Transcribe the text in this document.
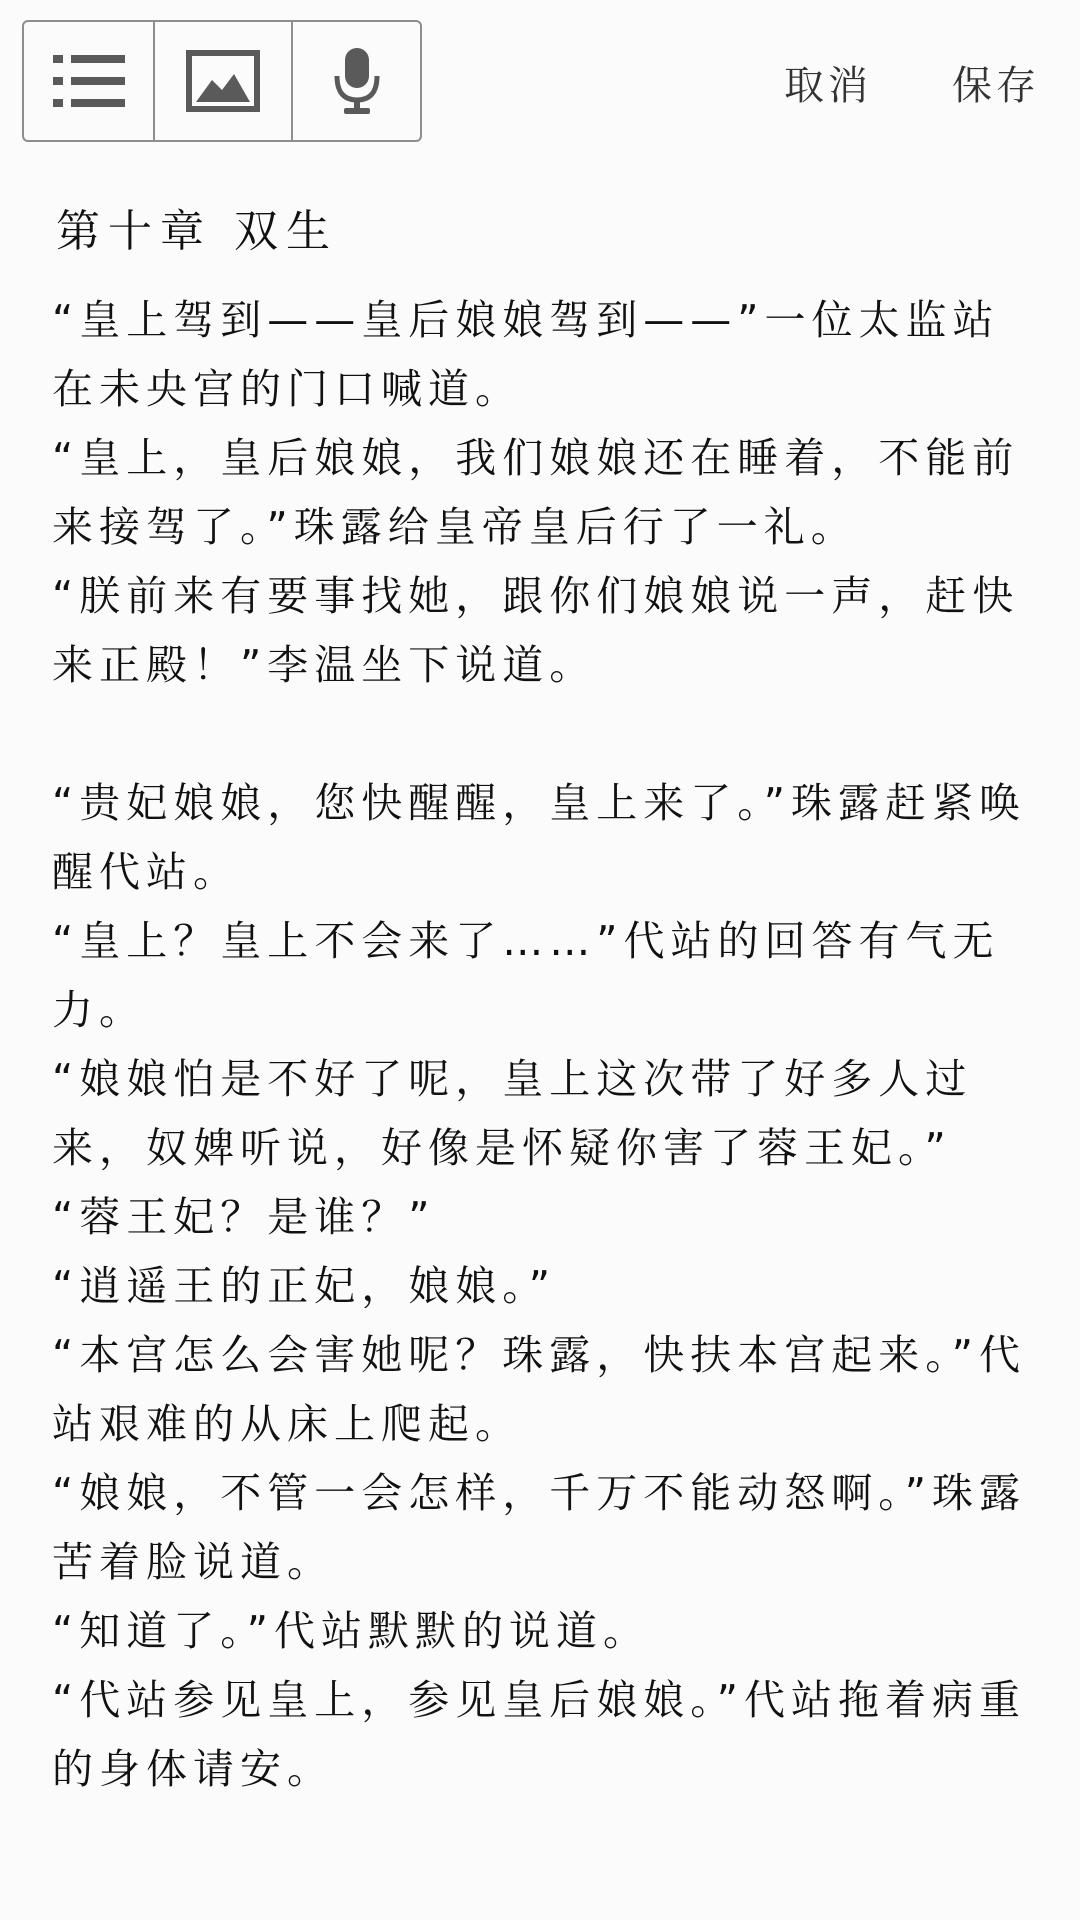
取消 保存
第十章 双生

“皇上驾到——皇后娘娘驾到——”一位太监站在未央宫的门口喊道。

“皇上，皇后娘娘，我们娘娘还在睡着，不能前来接驾了。”珠露给皇帝皇后行了一礼。

“朕前来有要事找她，跟你们娘娘说一声，赶快来正殿！”李温坐下说道。

“贵妃娘娘，您快醒醒，皇上来了。”珠露赶紧唤醒代站。

“皇上？皇上不会来了……”代站的回答有气无力。

“娘娘怕是不好了呢，皇上这次带了好多人过来，奴婢听说，好像是怀疑你害了蓉王妃。”

“蓉王妃？是谁？”

“逍遥王的正妃，娘娘。”

“本宫怎么会害她呢？珠露，快扶本宫起来。”代站艰难的从床上爬起。

“娘娘，不管一会怎样，千万不能动怒啊。”珠露苦着脸说道。

“知道了。”代站默默的说道。

“代站参见皇上，参见皇后娘娘。”代站拖着病重的身体请安。
